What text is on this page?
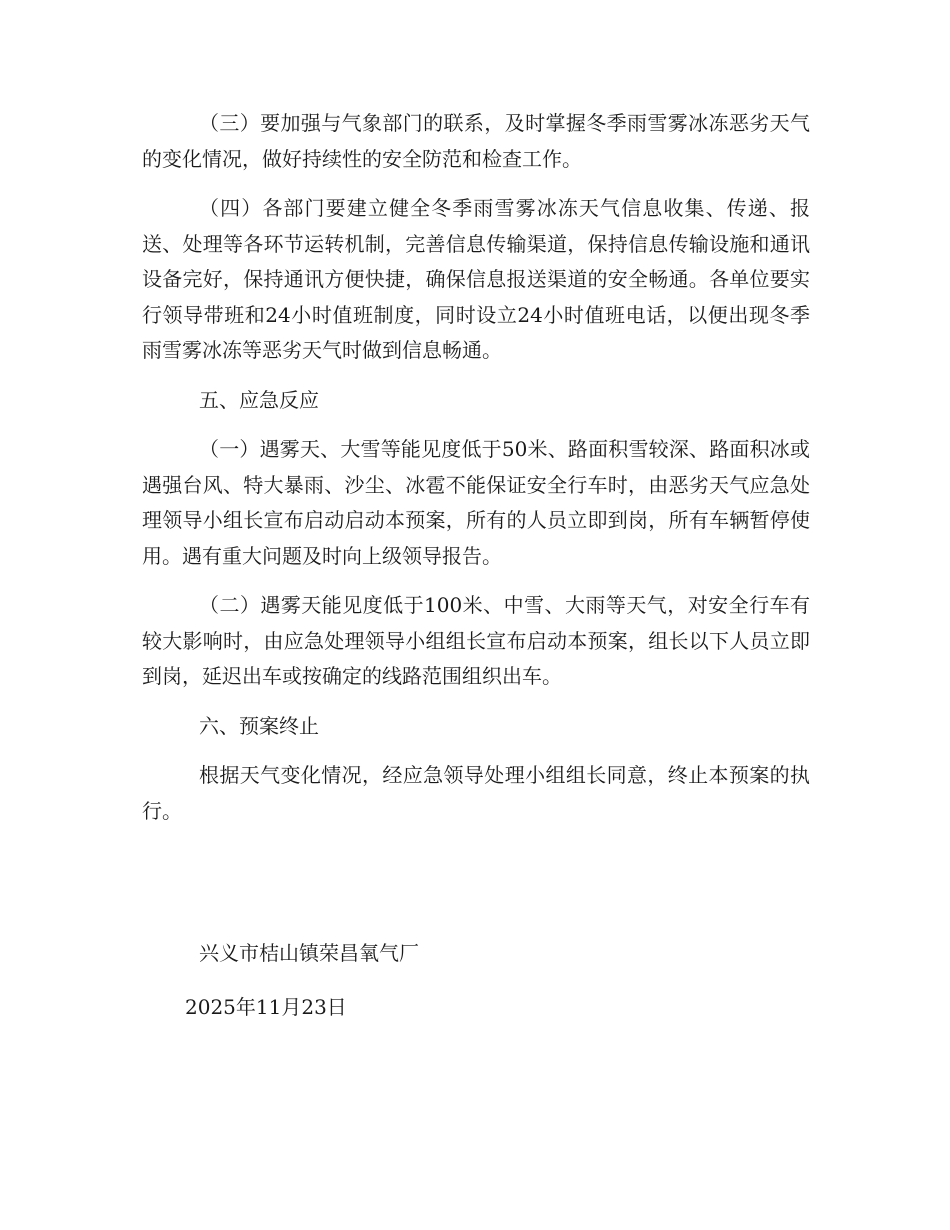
（三）要加强与气象部门的联系，及时掌握冬季雨雪雾冰冻恶劣天气的变化情况，做好持续性的安全防范和检查工作。

（四）各部门要建立健全冬季雨雪雾冰冻天气信息收集、传递、报送、处理等各环节运转机制，完善信息传输渠道，保持信息传输设施和通讯设备完好，保持通讯方便快捷，确保信息报送渠道的安全畅通。各单位要实行领导带班和24小时值班制度，同时设立24小时值班电话，以便出现冬季雨雪雾冰冻等恶劣天气时做到信息畅通。

五、应急反应

（一）遇雾天、大雪等能见度低于50米、路面积雪较深、路面积冰或遇强台风、特大暴雨、沙尘、冰雹不能保证安全行车时，由恶劣天气应急处理领导小组长宣布启动启动本预案，所有的人员立即到岗，所有车辆暂停使用。遇有重大问题及时向上级领导报告。

（二）遇雾天能见度低于100米、中雪、大雨等天气，对安全行车有较大影响时，由应急处理领导小组组长宣布启动本预案，组长以下人员立即到岗，延迟出车或按确定的线路范围组织出车。

六、预案终止

根据天气变化情况，经应急领导处理小组组长同意，终止本预案的执行。

兴义市桔山镇荣昌氧气厂
2025年11月23日
